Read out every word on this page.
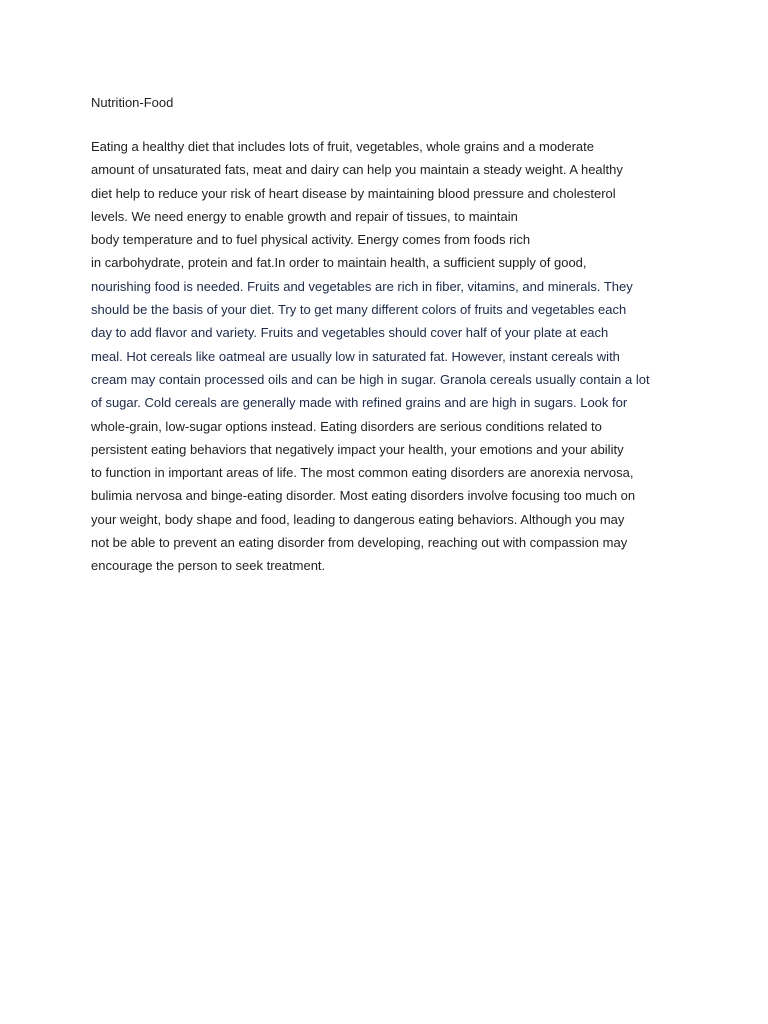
Nutrition-Food
Eating a healthy diet that includes lots of fruit, vegetables, whole grains and a moderate
amount of unsaturated fats, meat and dairy can help you maintain a steady weight. A healthy
diet help to reduce your risk of heart disease by maintaining blood pressure and cholesterol
levels. We need energy to enable growth and repair of tissues, to maintain
body temperature and to fuel physical activity. Energy comes from foods rich
in carbohydrate, protein and fat.In order to maintain health, a sufficient supply of good,
nourishing food is needed. Fruits and vegetables are rich in fiber, vitamins, and minerals. They
should be the basis of your diet. Try to get many different colors of fruits and vegetables each
day to add flavor and variety. Fruits and vegetables should cover half of your plate at each
meal. Hot cereals like oatmeal are usually low in saturated fat. However, instant cereals with
cream may contain processed oils and can be high in sugar. Granola cereals usually contain a lot
of sugar. Cold cereals are generally made with refined grains and are high in sugars. Look for
whole-grain, low-sugar options instead. Eating disorders are serious conditions related to
persistent eating behaviors that negatively impact your health, your emotions and your ability
to function in important areas of life. The most common eating disorders are anorexia nervosa,
bulimia nervosa and binge-eating disorder. Most eating disorders involve focusing too much on
your weight, body shape and food, leading to dangerous eating behaviors. Although you may
not be able to prevent an eating disorder from developing, reaching out with compassion may
encourage the person to seek treatment.
